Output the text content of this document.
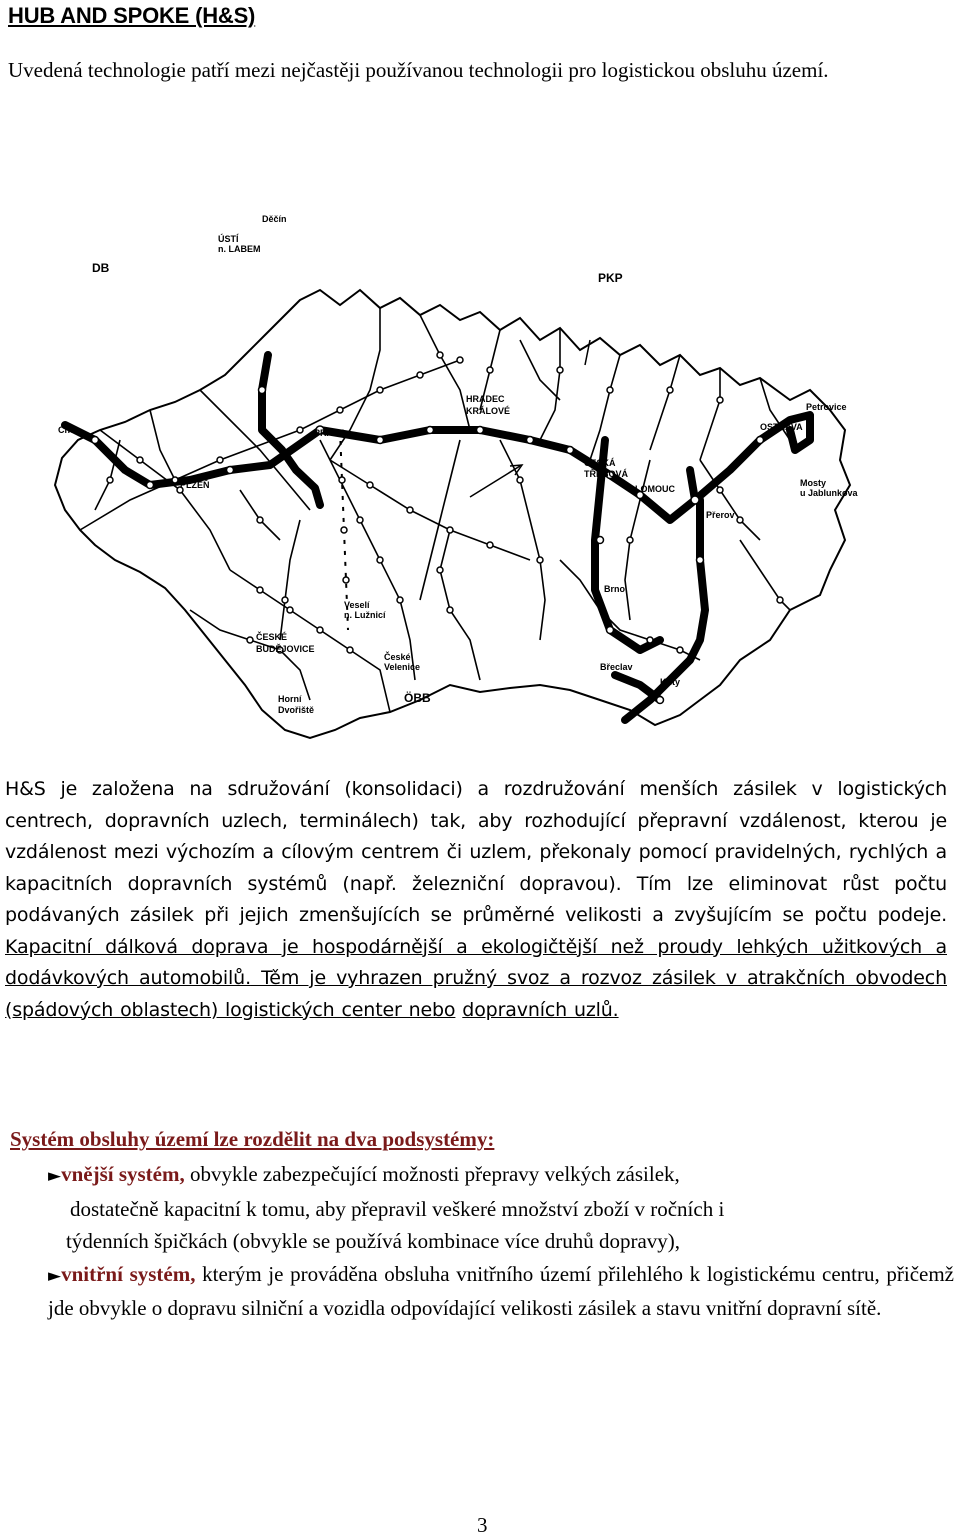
HUB AND SPOKE (H&S)

Uvedená technologie patří mezi nejčastěji používanou technologii pro logistickou obsluhu území.

Děčín
ÚSTÍ
n. LABEM
DB
PKP
Cheb
PLZEŇ
PRAHA
HRADEC
KRÁLOVÉ
ČESKÁ
TŘEBOVÁ
OLOMOUC
OSTRAVA
Petrovice
Mosty
u Jablunkova
Přerov
Brno
Břeclav
Kúty
Veselí
n. Lužnicí
ČESKÉ
BUDĚJOVICE
České
Velenice
ÖBB
Horní
Dvořiště

H&S je založena na sdružování (konsolidaci) a rozdružování menších zásilek v logistických centrech, dopravních uzlech, terminálech) tak, aby rozhodující přepravní vzdálenost, kterou je vzdálenost mezi výchozím a cílovým centrem či uzlem, překonaly pomocí pravidelných, rychlých a kapacitních dopravních systémů (např. železniční dopravou). Tím lze eliminovat růst počtu podávaných zásilek při jejich zmenšujících se průměrné velikosti a zvyšujícím se počtu podeje. Kapacitní dálková doprava je hospodárnější a ekologičtější než proudy lehkých užitkových a dodávkových automobilů. Těm je vyhrazen pružný svoz a rozvoz zásilek v atrakčních obvodech (spádových oblastech) logistických center nebo dopravních uzlů.

Systém obsluhy území lze rozdělit na dva podsystémy:
►vnější systém, obvykle zabezpečující možnosti přepravy velkých zásilek,
dostatečně kapacitní k tomu, aby přepravil veškeré množství zboží v ročních i
týdenních špičkách (obvykle se používá kombinace více druhů dopravy),
►vnitřní systém, kterým je prováděna obsluha vnitřního území přilehlého k logistickému centru, přičemž jde obvykle o dopravu silniční a vozidla odpovídající velikosti zásilek a stavu vnitřní dopravní sítě.

3
